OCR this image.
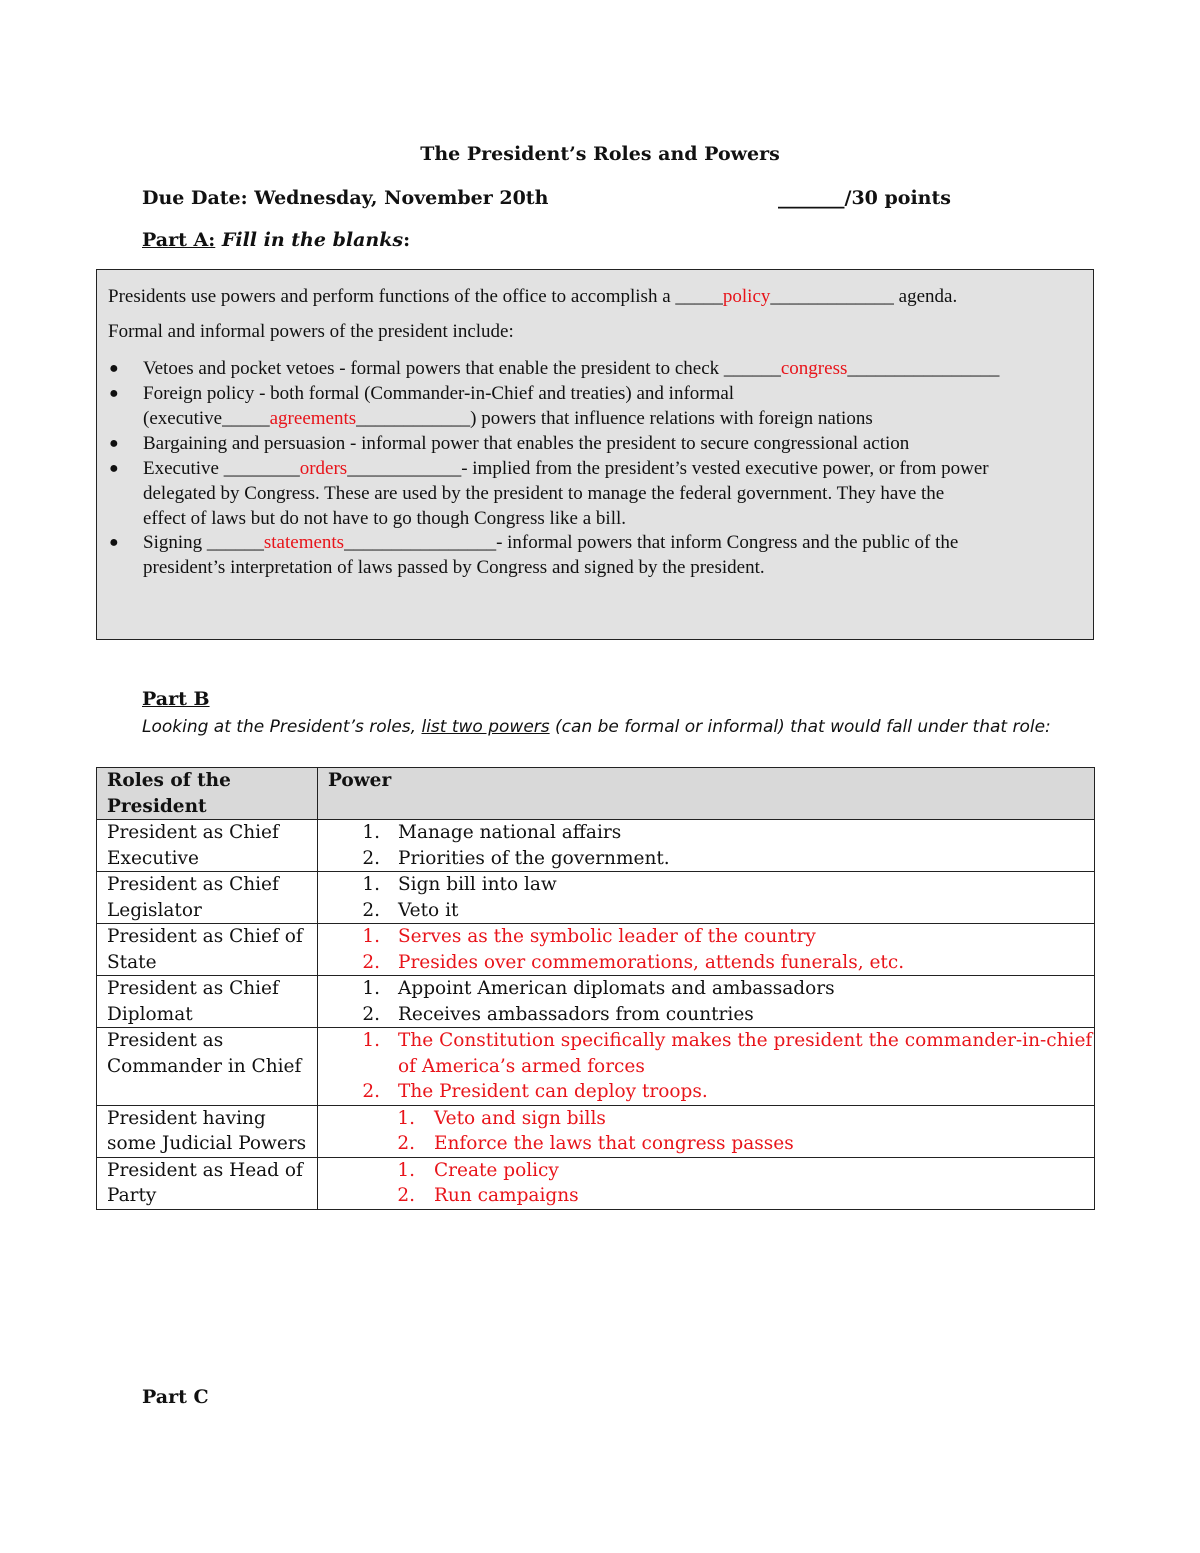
The President’s Roles and Powers
Due Date: Wednesday, November 20th	_______/30 points
Part A: Fill in the blanks:
Presidents use powers and perform functions of the office to accomplish a _____policy_____________ agenda.
Formal and informal powers of the president include:
● Vetoes and pocket vetoes - formal powers that enable the president to check ______congress________________
● Foreign policy - both formal (Commander-in-Chief and treaties) and informal
(executive_____agreements____________) powers that influence relations with foreign nations
● Bargaining and persuasion - informal power that enables the president to secure congressional action
● Executive ________orders____________- implied from the president’s vested executive power, or from power
delegated by Congress. These are used by the president to manage the federal government. They have the
effect of laws but do not have to go though Congress like a bill.
● Signing ______statements________________- informal powers that inform Congress and the public of the
president’s interpretation of laws passed by Congress and signed by the president.
Part B
Looking at the President’s roles, list two powers (can be formal or informal) that would fall under that role:
Roles of the President	Power
President as Chief Executive	1. Manage national affairs
2. Priorities of the government.

President as Chief Legislator	1. Sign bill into law
2. Veto it

President as Chief of State	1. Serves as the symbolic leader of the country
2. Presides over commemorations, attends funerals, etc.

President as Chief Diplomat	1. Appoint American diplomats and ambassadors
2. Receives ambassadors from countries

President as Commander in Chief	1. The Constitution specifically makes the president the commander-in-chief of America’s armed forces
2. The President can deploy troops.

President having some Judicial Powers	1. Veto and sign bills
2. Enforce the laws that congress passes

President as Head of Party	1. Create policy
2. Run campaigns
Part C
